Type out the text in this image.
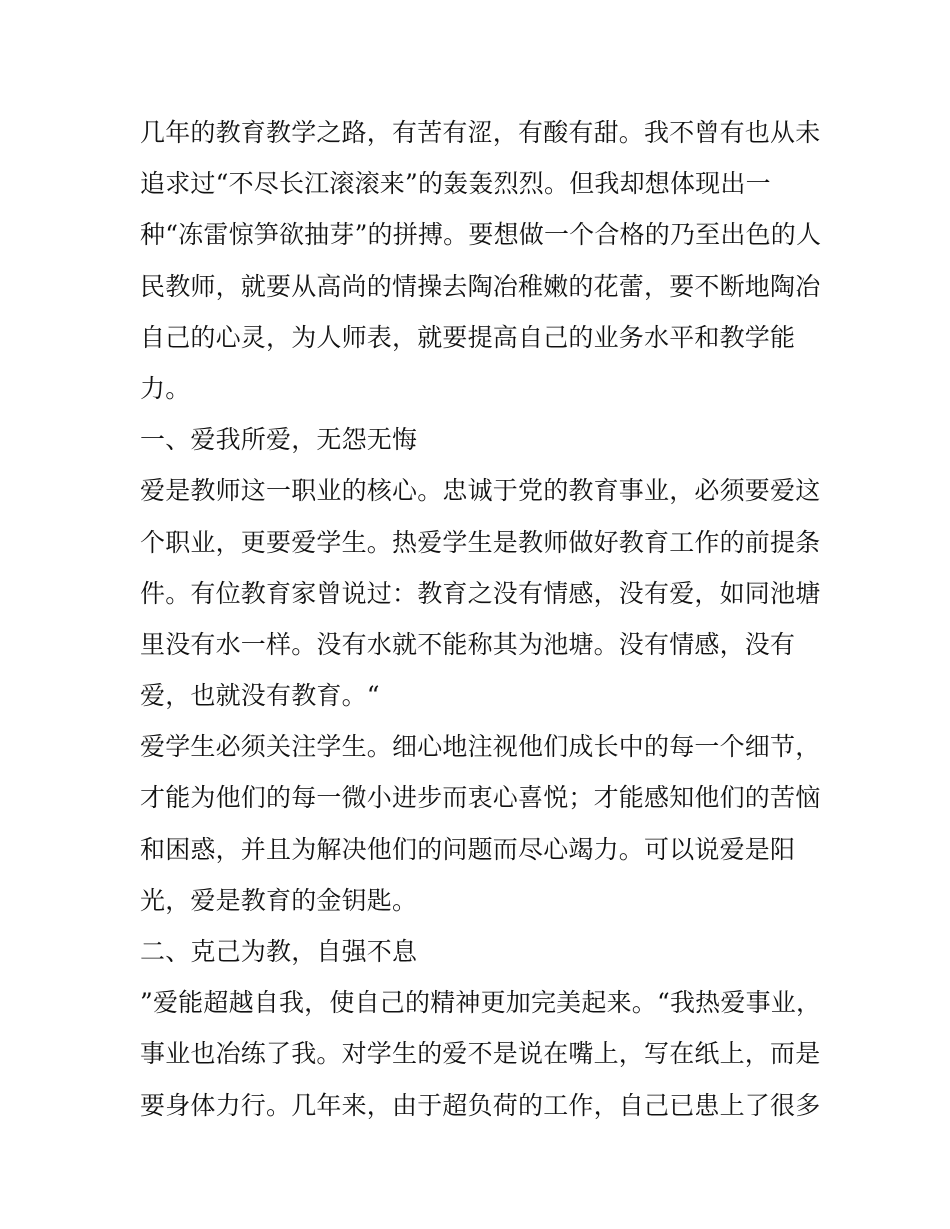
几年的教育教学之路，有苦有涩，有酸有甜。我不曾有也从未
追求过“不尽长江滚滚来”的轰轰烈烈。但我却想体现出一
种“冻雷惊笋欲抽芽”的拼搏。要想做一个合格的乃至出色的人
民教师，就要从高尚的情操去陶冶稚嫩的花蕾，要不断地陶冶
自己的心灵，为人师表，就要提高自己的业务水平和教学能
力。
一、爱我所爱，无怨无悔
爱是教师这一职业的核心。忠诚于党的教育事业，必须要爱这
个职业，更要爱学生。热爱学生是教师做好教育工作的前提条
件。有位教育家曾说过：教育之没有情感，没有爱，如同池塘
里没有水一样。没有水就不能称其为池塘。没有情感，没有
爱，也就没有教育。“
爱学生必须关注学生。细心地注视他们成长中的每一个细节，
才能为他们的每一微小进步而衷心喜悦；才能感知他们的苦恼
和困惑，并且为解决他们的问题而尽心竭力。可以说爱是阳
光，爱是教育的金钥匙。
二、克己为教，自强不息
”爱能超越自我，使自己的精神更加完美起来。“我热爱事业，
事业也冶练了我。对学生的爱不是说在嘴上，写在纸上，而是
要身体力行。几年来，由于超负荷的工作，自己已患上了很多
